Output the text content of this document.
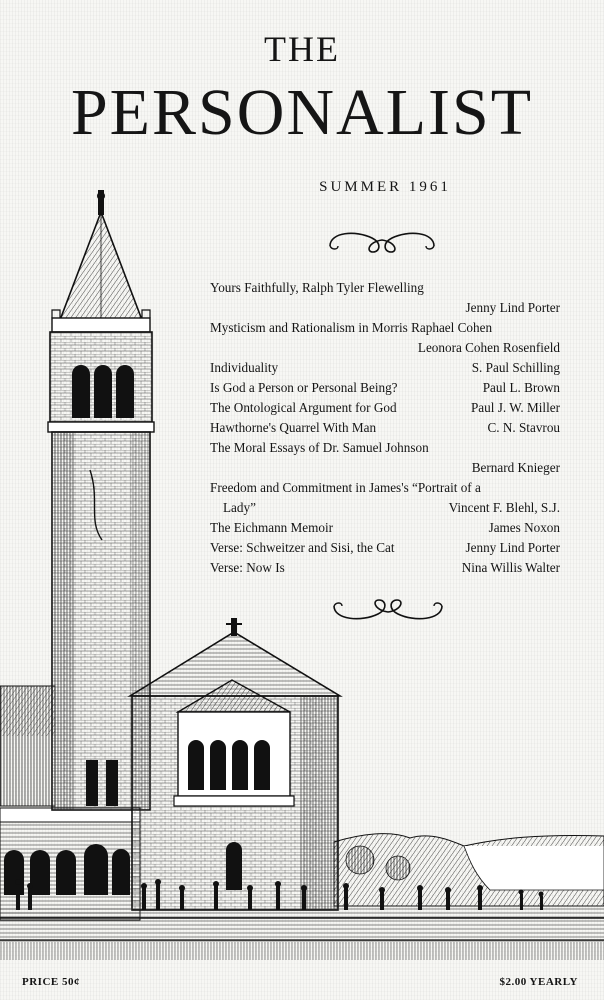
THE
PERSONALIST
SUMMER 1961
Yours Faithfully, Ralph Tyler Flewelling
Jenny Lind Porter
Mysticism and Rationalism in Morris Raphael Cohen
Leonora Cohen Rosenfield
Individuality	S. Paul Schilling
Is God a Person or Personal Being?	Paul L. Brown
The Ontological Argument for God	Paul J. W. Miller
Hawthorne's Quarrel With Man	C. N. Stavrou
The Moral Essays of Dr. Samuel Johnson
Bernard Knieger
Freedom and Commitment in James's “Portrait of a
Lady”	Vincent F. Blehl, S.J.
The Eichmann Memoir	James Noxon
Verse: Schweitzer and Sisi, the Cat	Jenny Lind Porter
Verse: Now Is	Nina Willis Walter
PRICE 50¢	$2.00 YEARLY
